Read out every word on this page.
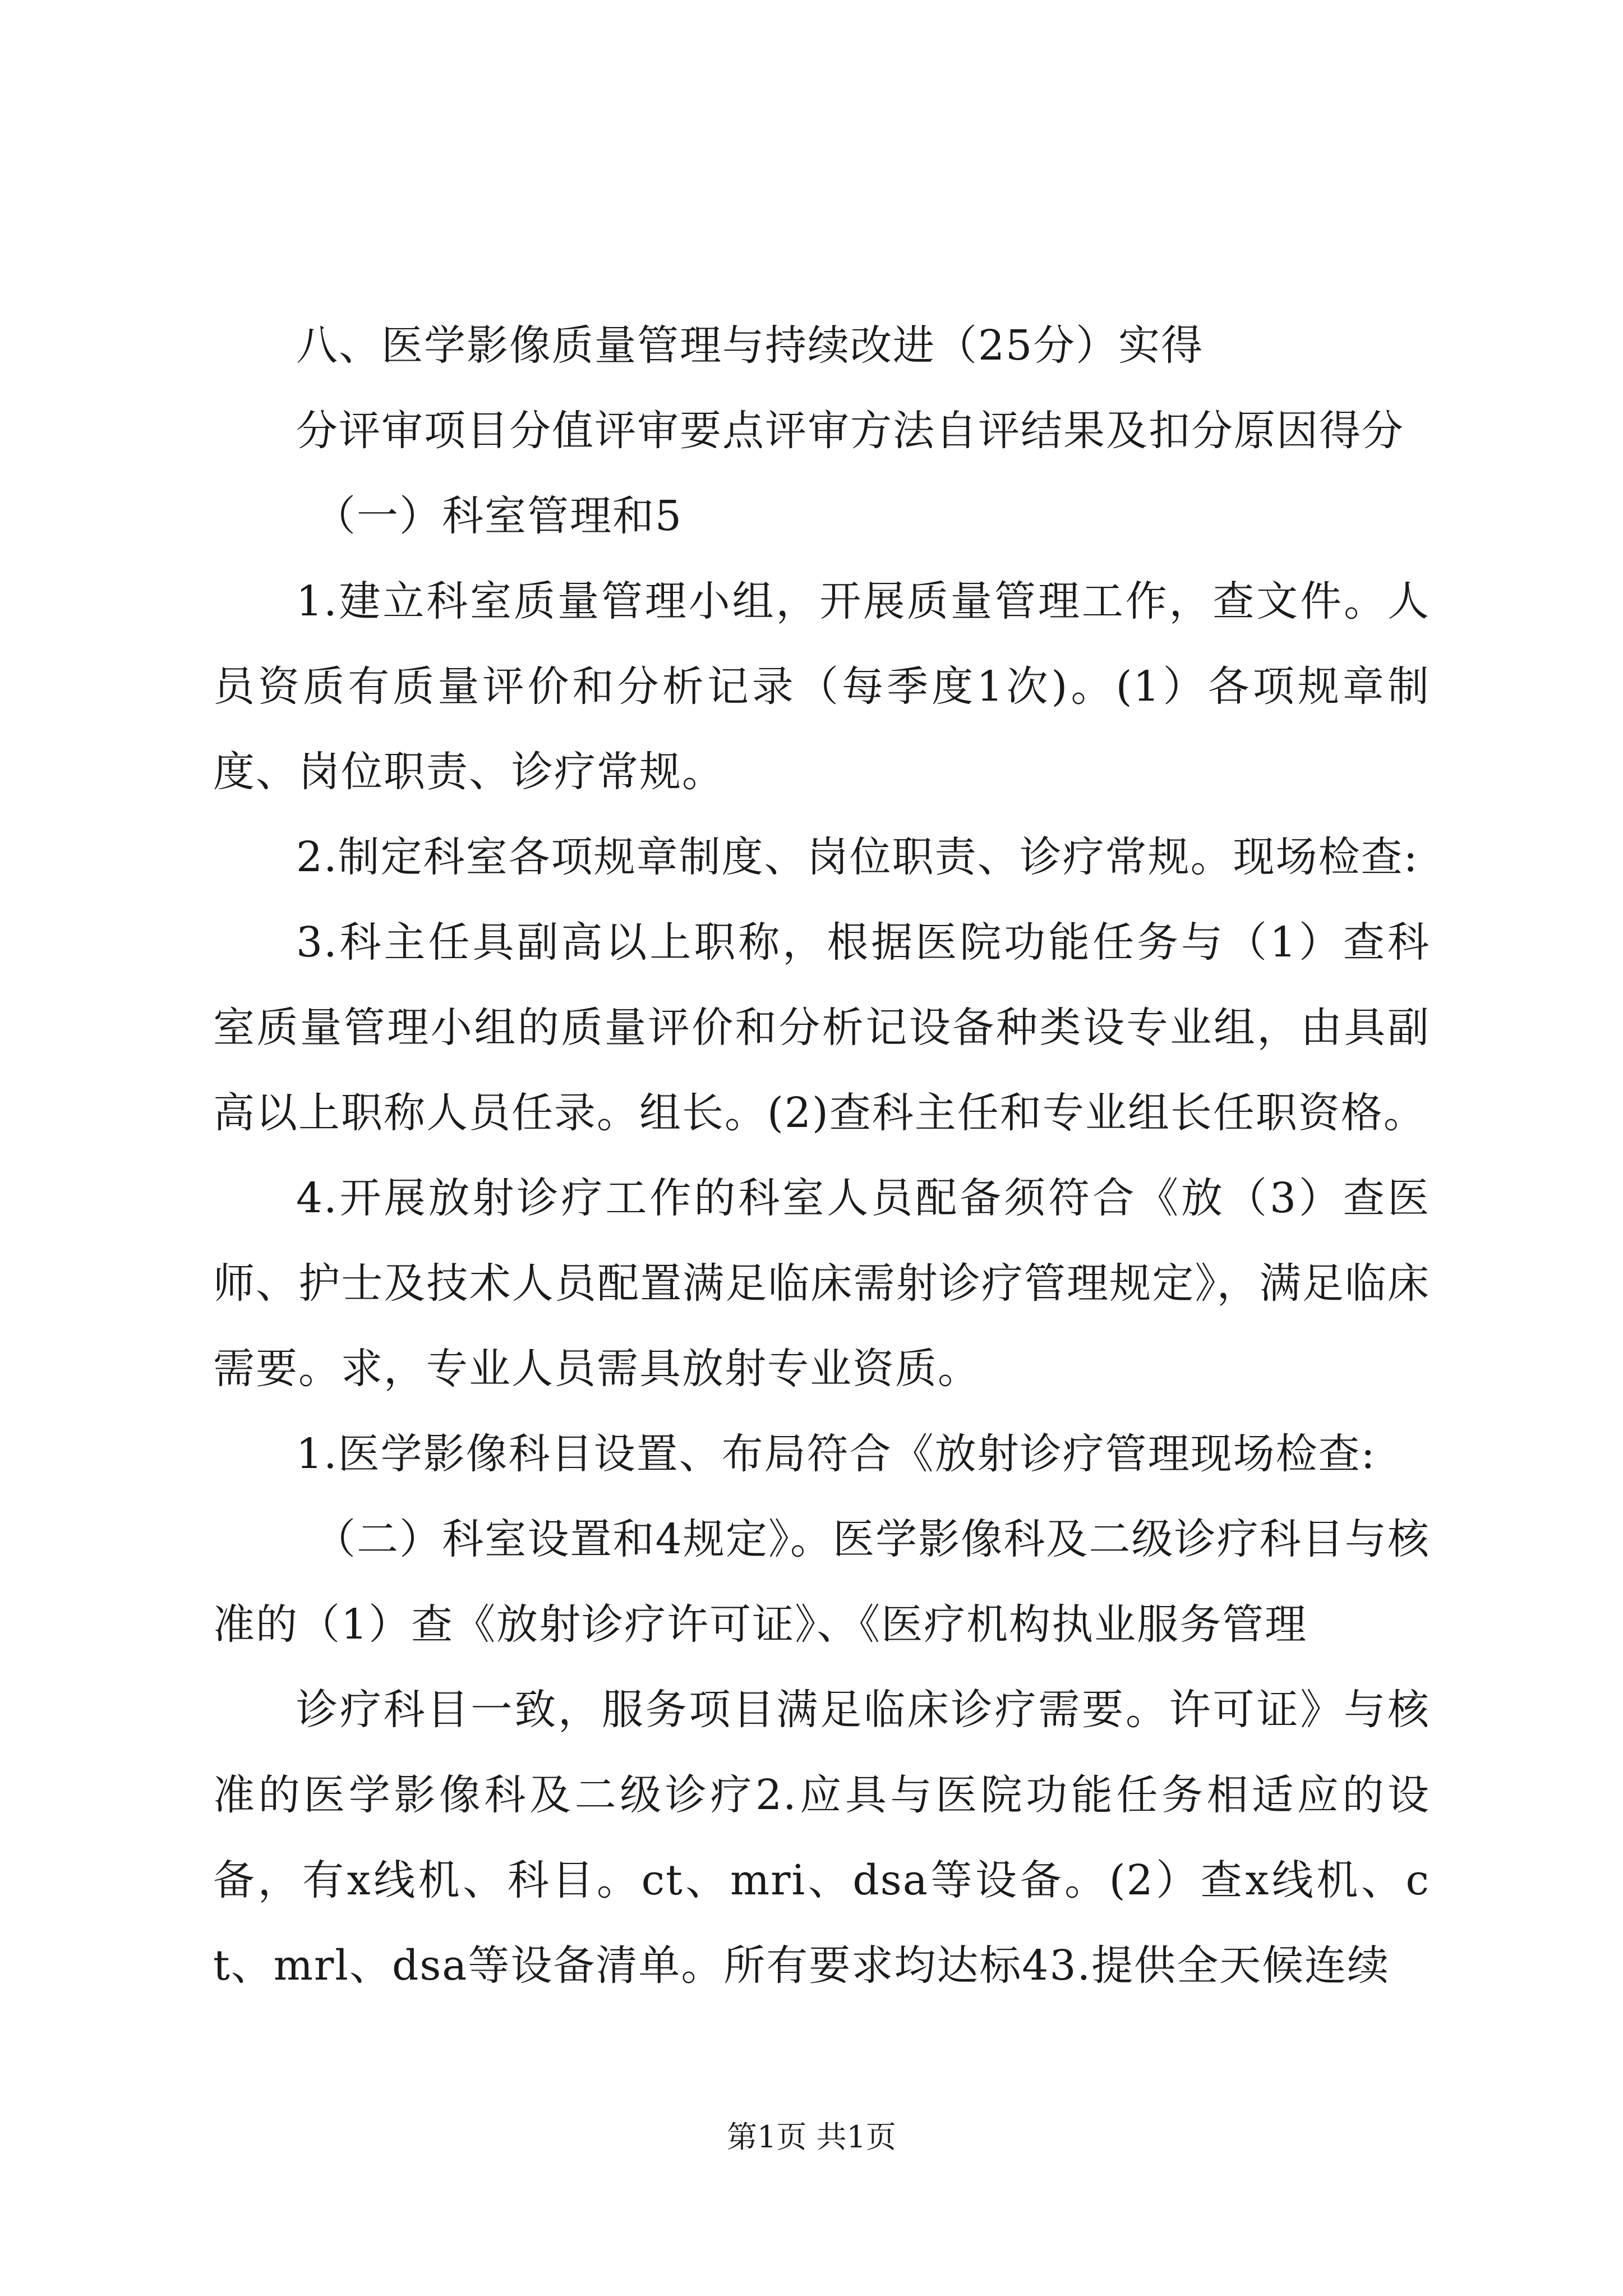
八、医学影像质量管理与持续改进（25分）实得

分评审项目分值评审要点评审方法自评结果及扣分原因得分

（一）科室管理和5

1.建立科室质量管理小组，开展质量管理工作，查文件。人员资质有质量评价和分析记录（每季度1次)。(1）各项规章制度、岗位职责、诊疗常规。

2.制定科室各项规章制度、岗位职责、诊疗常规。现场检查:

3.科主任具副高以上职称，根据医院功能任务与（1）查科室质量管理小组的质量评价和分析记设备种类设专业组，由具副高以上职称人员任录。组长。(2)查科主任和专业组长任职资格。

4.开展放射诊疗工作的科室人员配备须符合《放（3）查医师、护士及技术人员配置满足临床需射诊疗管理规定》，满足临床需要。求，专业人员需具放射专业资质。

1.医学影像科目设置、布局符合《放射诊疗管理现场检查:

（二）科室设置和4规定》。医学影像科及二级诊疗科目与核准的（1）查《放射诊疗许可证》、《医疗机构执业服务管理

诊疗科目一致，服务项目满足临床诊疗需要。许可证》与核准的医学影像科及二级诊疗2.应具与医院功能任务相适应的设备，有x线机、科目。ct、mri、dsa等设备。(2）查x线机、ct、mrl、dsa等设备清单。所有要求均达标43.提供全天候连续

第1页 共1页
